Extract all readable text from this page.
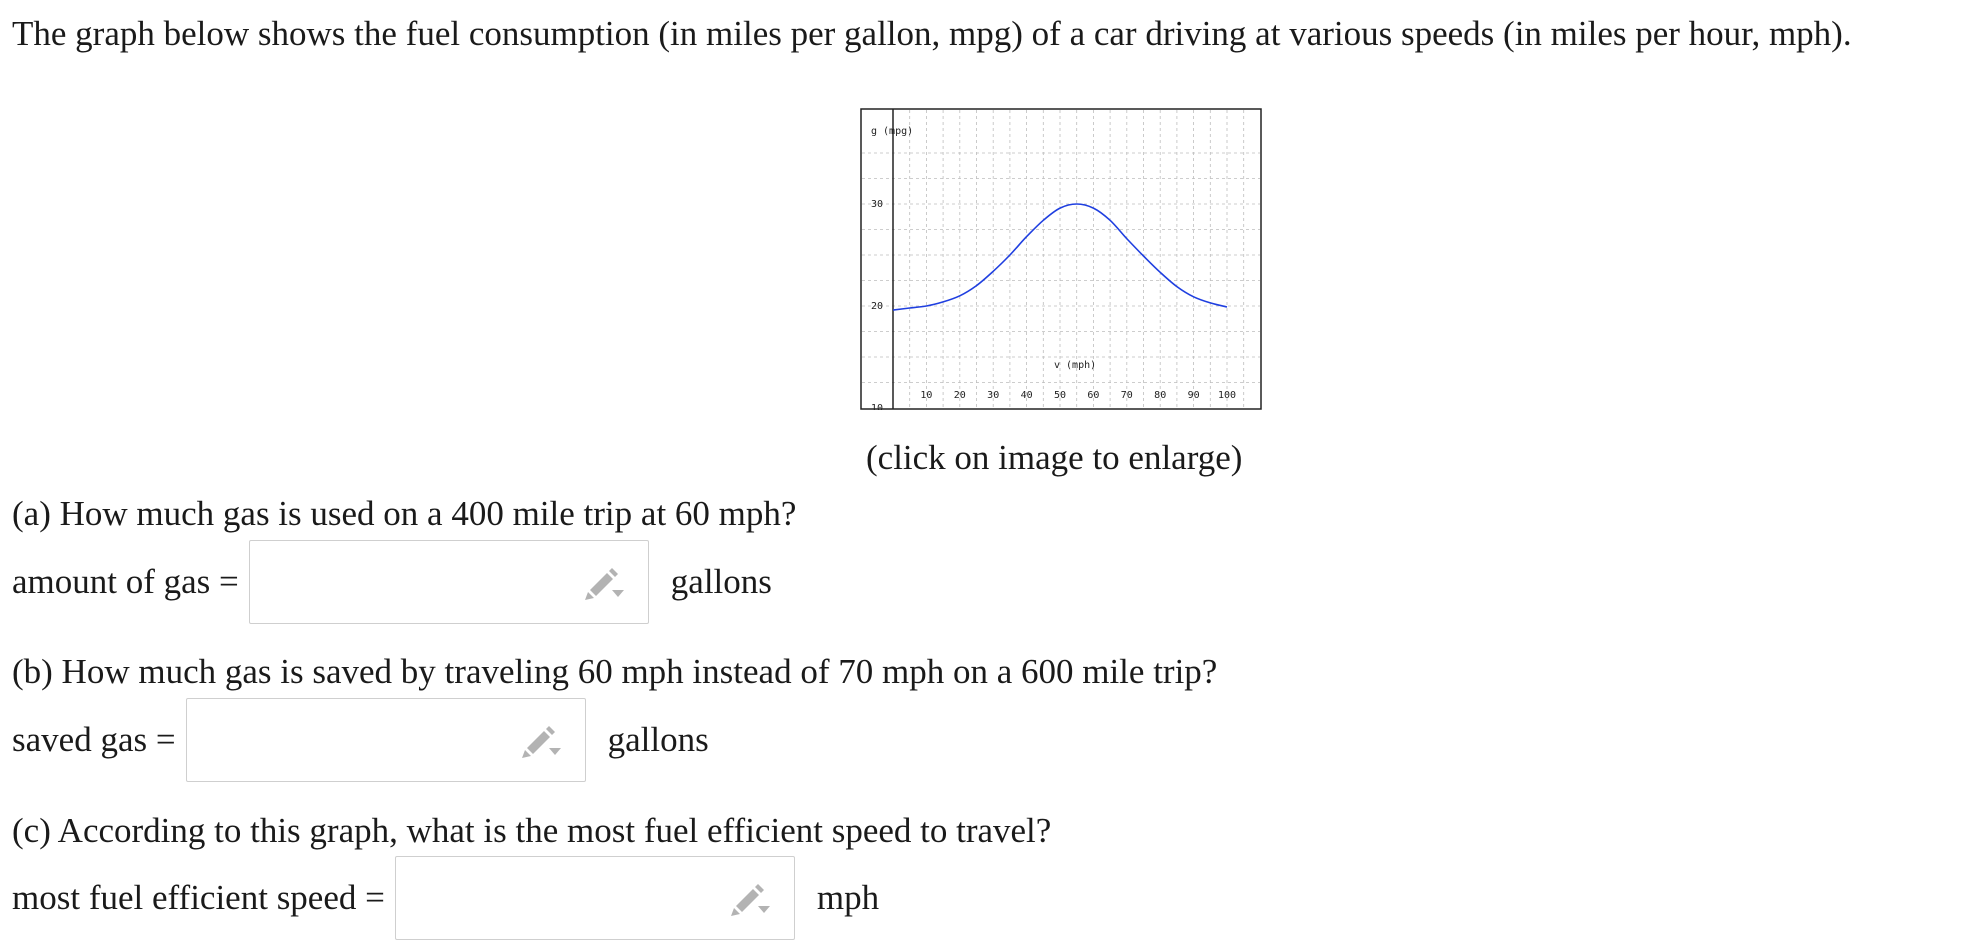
The graph below shows the fuel consumption (in miles per gallon, mpg) of a car driving at various speeds (in miles per hour, mph).
10
20
30
10 20 30 40 50 60 70 80 90 100
g (mpg)
v (mph)
(click on image to enlarge)
(a) How much gas is used on a 400 mile trip at 60 mph?
amount of gas =	gallons
(b) How much gas is saved by traveling 60 mph instead of 70 mph on a 600 mile trip?
saved gas =	gallons
(c) According to this graph, what is the most fuel efficient speed to travel?
most fuel efficient speed =	mph
